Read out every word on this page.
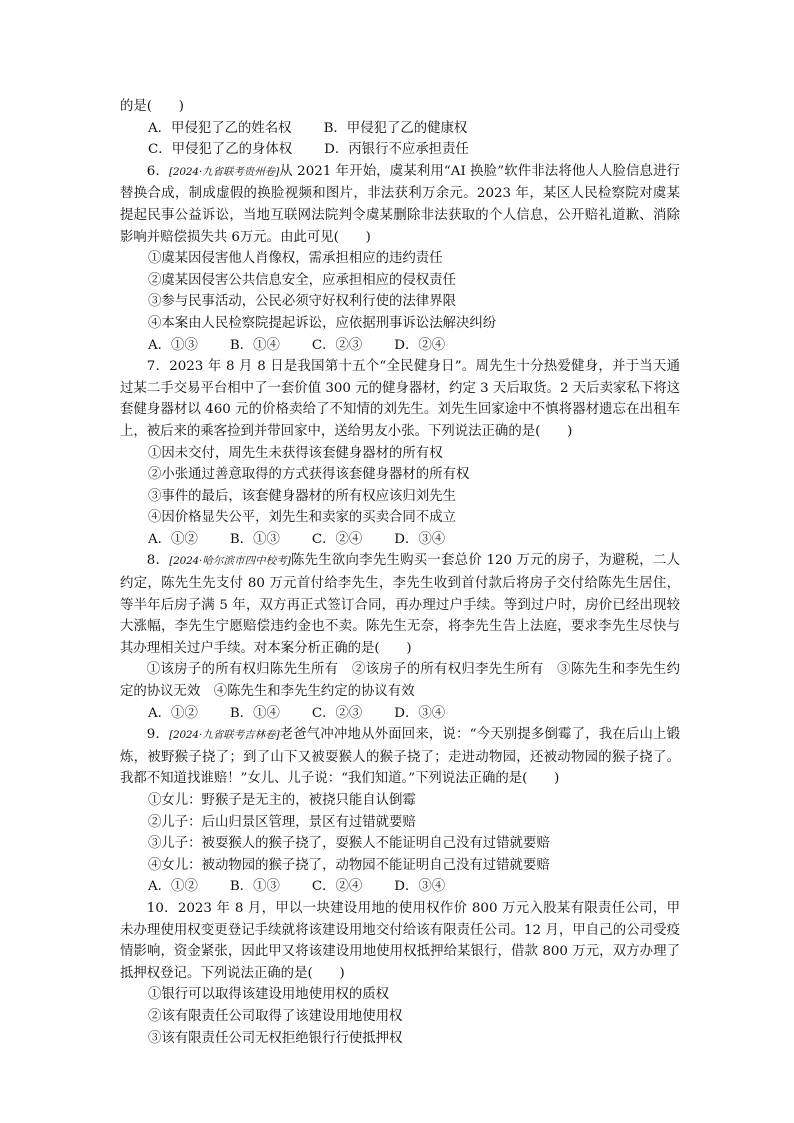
的是(　　)
A．甲侵犯了乙的姓名权 B．甲侵犯了乙的健康权
C．甲侵犯了乙的身体权 D．丙银行不应承担责任
6．[2024·九省联考贵州卷]从 2021 年开始，虞某利用“AI 换脸”软件非法将他人人脸信息进行替换合成，制成虚假的换脸视频和图片，非法获利万余元。2023 年，某区人民检察院对虞某提起民事公益诉讼，当地互联网法院判令虞某删除非法获取的个人信息，公开赔礼道歉、消除影响并赔偿损失共 6万元。由此可见(　　)
①虞某因侵害他人肖像权，需承担相应的违约责任
②虞某因侵害公共信息安全，应承担相应的侵权责任
③参与民事活动，公民必须守好权利行使的法律界限
④本案由人民检察院提起诉讼，应依据刑事诉讼法解决纠纷
A．①③ B．①④ C．②③ D．②④
7．2023 年 8 月 8 日是我国第十五个“全民健身日”。周先生十分热爱健身，并于当天通过某二手交易平台相中了一套价值 300 元的健身器材，约定 3 天后取货。2 天后卖家私下将这套健身器材以 460 元的价格卖给了不知情的刘先生。刘先生回家途中不慎将器材遗忘在出租车上，被后来的乘客捡到并带回家中，送给男友小张。下列说法正确的是(　　)
①因未交付，周先生未获得该套健身器材的所有权
②小张通过善意取得的方式获得该套健身器材的所有权
③事件的最后，该套健身器材的所有权应该归刘先生
④因价格显失公平，刘先生和卖家的买卖合同不成立
A．①② B．①③ C．②④ D．③④
8．[2024·哈尔滨市四中校考]陈先生欲向李先生购买一套总价 120 万元的房子，为避税，二人约定，陈先生先支付 80 万元首付给李先生，李先生收到首付款后将房子交付给陈先生居住，等半年后房子满 5 年，双方再正式签订合同，再办理过户手续。等到过户时，房价已经出现较大涨幅，李先生宁愿赔偿违约金也不卖。陈先生无奈，将李先生告上法庭，要求李先生尽快与其办理相关过户手续。对本案分析正确的是(　　)
①该房子的所有权归陈先生所有　②该房子的所有权归李先生所有　③陈先生和李先生约定的协议无效　④陈先生和李先生约定的协议有效
A．①② B．①④ C．②③ D．③④
9．[2024·九省联考吉林卷]老爸气冲冲地从外面回来，说：“今天别提多倒霉了，我在后山上锻炼，被野猴子挠了；到了山下又被耍猴人的猴子挠了；走进动物园，还被动物园的猴子挠了。我都不知道找谁赔！”女儿、儿子说：“我们知道。”下列说法正确的是(　　)
①女儿：野猴子是无主的，被挠只能自认倒霉
②儿子：后山归景区管理，景区有过错就要赔
③儿子：被耍猴人的猴子挠了，耍猴人不能证明自己没有过错就要赔
④女儿：被动物园的猴子挠了，动物园不能证明自己没有过错就要赔
A．①② B．①③ C．②④ D．③④
10．2023 年 8 月，甲以一块建设用地的使用权作价 800 万元入股某有限责任公司，甲未办理使用权变更登记手续就将该建设用地交付给该有限责任公司。12 月，甲自己的公司受疫情影响，资金紧张，因此甲又将该建设用地使用权抵押给某银行，借款 800 万元，双方办理了抵押权登记。下列说法正确的是(　　)
①银行可以取得该建设用地使用权的质权
②该有限责任公司取得了该建设用地使用权
③该有限责任公司无权拒绝银行行使抵押权
